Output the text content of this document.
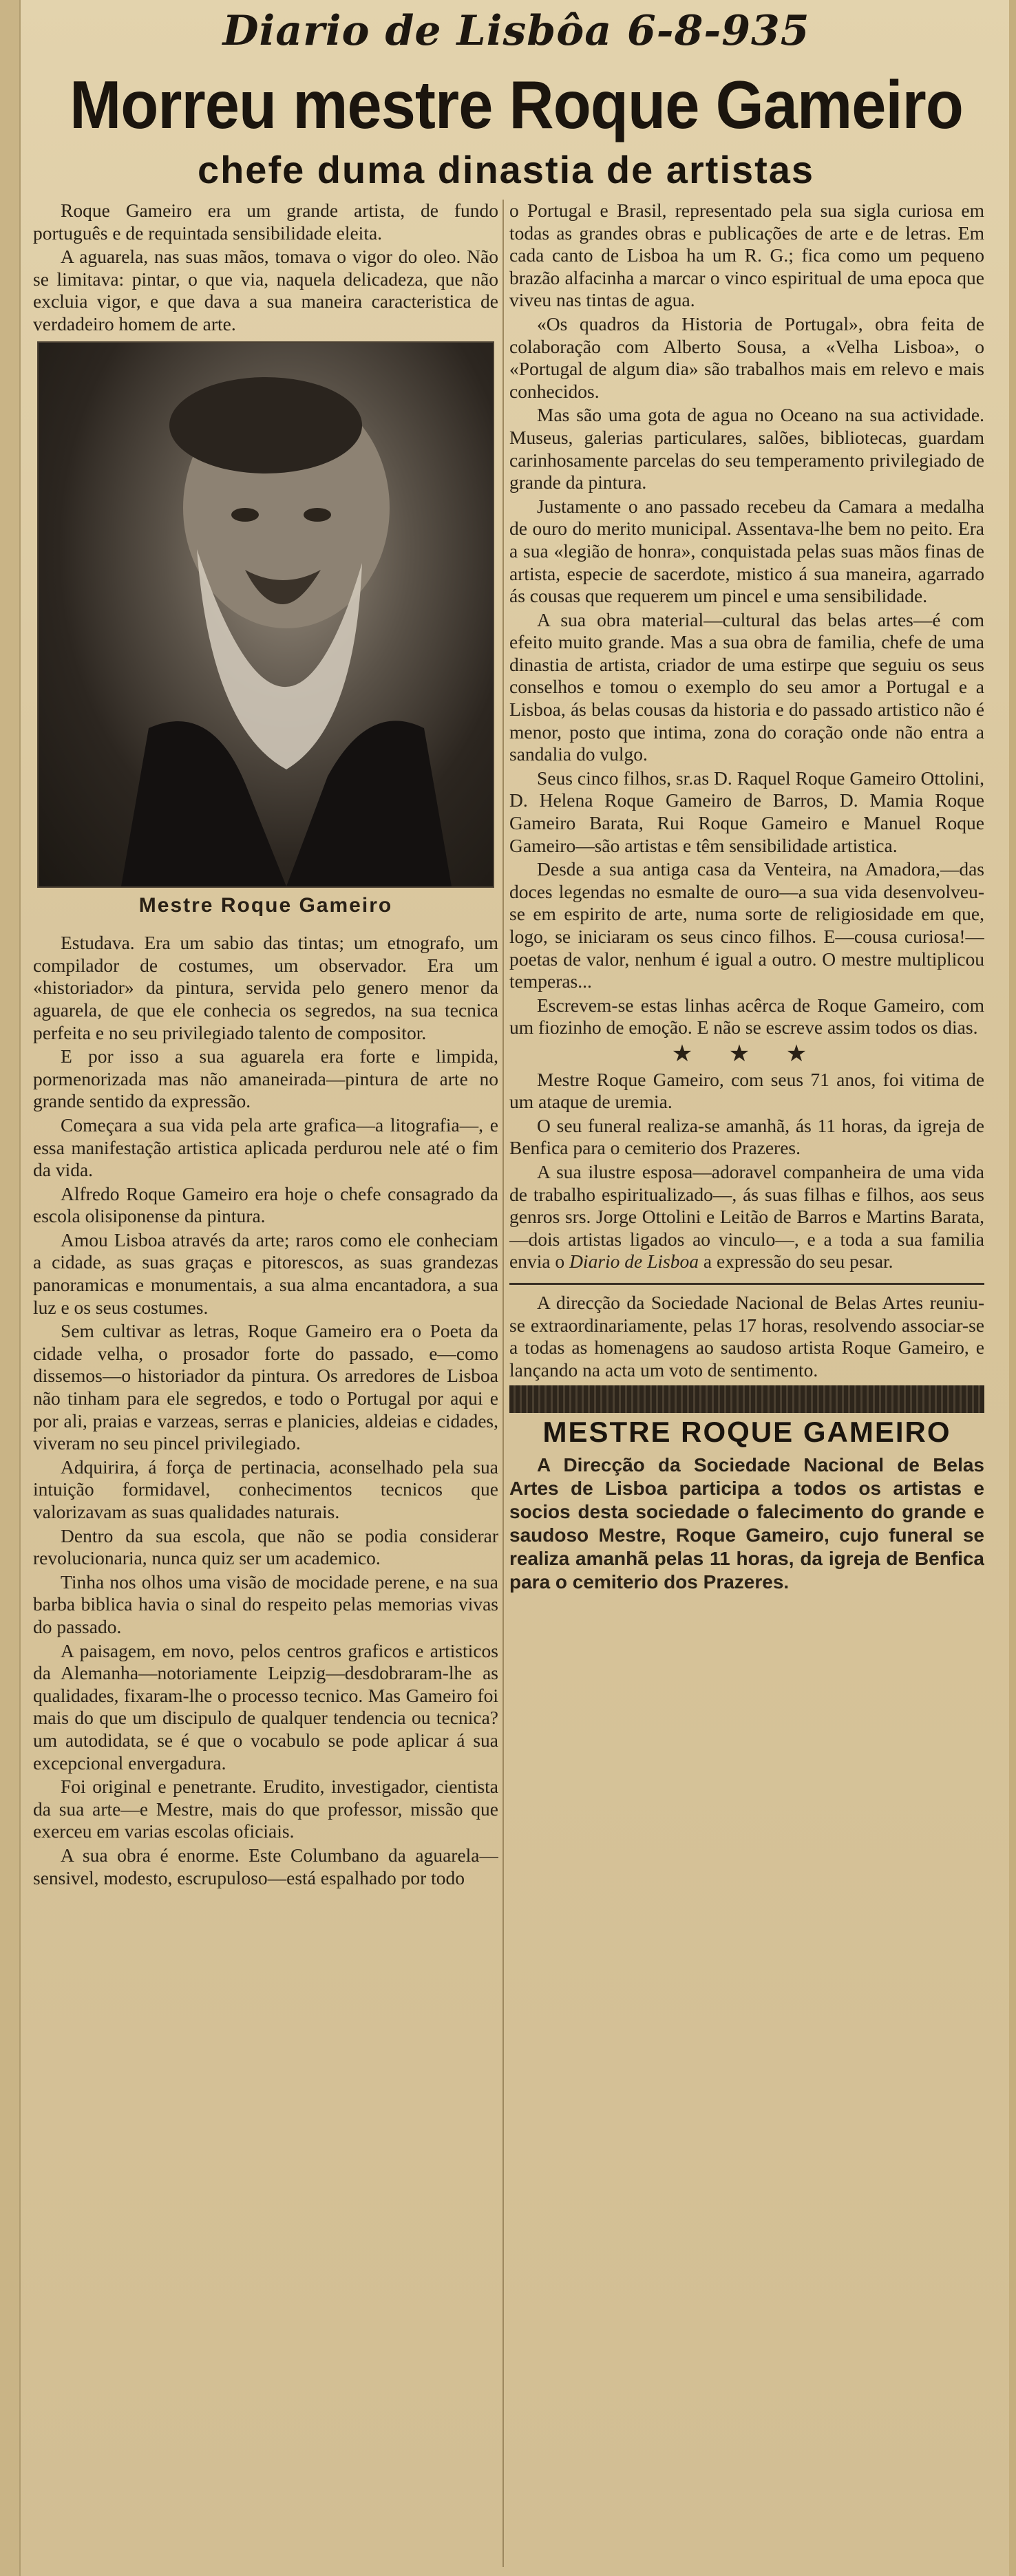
Diario de Lisbôa 6-8-935
Morreu mestre Roque Gameiro
chefe duma dinastia de artistas

Roque Gameiro era um grande artista, de fundo português e de requintada sensibilidade eleita.

A aguarela, nas suas mãos, tomava o vigor do oleo. Não se limitava: pintar, o que via, naquela delicadeza, que não excluia vigor, e que dava a sua maneira caracteristica de verdadeiro homem de arte.

Mestre Roque Gameiro

Estudava. Era um sabio das tintas; um etnografo, um compilador de costumes, um observador. Era um «historiador» da pintura, servida pelo genero menor da aguarela, de que ele conhecia os segredos, na sua tecnica perfeita e no seu privilegiado talento de compositor.

E por isso a sua aguarela era forte e limpida, pormenorizada mas não amaneirada—pintura de arte no grande sentido da expressão.

Começara a sua vida pela arte grafica—a litografia—, e essa manifestação artistica aplicada perdurou nele até o fim da vida.

Alfredo Roque Gameiro era hoje o chefe consagrado da escola olisiponense da pintura.

Amou Lisboa através da arte; raros como ele conheciam a cidade, as suas graças e pitorescos, as suas grandezas panoramicas e monumentais, a sua alma encantadora, a sua luz e os seus costumes.

Sem cultivar as letras, Roque Gameiro era o Poeta da cidade velha, o prosador forte do passado, e—como dissemos—o historiador da pintura. Os arredores de Lisboa não tinham para ele segredos, e todo o Portugal por aqui e por ali, praias e varzeas, serras e planicies, aldeias e cidades, viveram no seu pincel privilegiado.

Adquirira, á força de pertinacia, aconselhado pela sua intuição formidavel, conhecimentos tecnicos que valorizavam as suas qualidades naturais.

Dentro da sua escola, que não se podia considerar revolucionaria, nunca quiz ser um academico.

Tinha nos olhos uma visão de mocidade perene, e na sua barba biblica havia o sinal do respeito pelas memorias vivas do passado.

A paisagem, em novo, pelos centros graficos e artisticos da Alemanha—notoriamente Leipzig—desdobraram-lhe as qualidades, fixaram-lhe o processo tecnico. Mas Gameiro foi mais do que um discipulo de qualquer tendencia ou tecnica?um autodidata, se é que o vocabulo se pode aplicar á sua excepcional envergadura.

Foi original e penetrante. Erudito, investigador, cientista da sua arte—e Mestre, mais do que professor, missão que exerceu em varias escolas oficiais.

A sua obra é enorme. Este Columbano da aguarela—sensivel, modesto, escrupuloso—está espalhado por todo

o Portugal e Brasil, representado pela sua sigla curiosa em todas as grandes obras e publicações de arte e de letras. Em cada canto de Lisboa ha um R. G.; fica como um pequeno brazão alfacinha a marcar o vinco espiritual de uma epoca que viveu nas tintas de agua.

«Os quadros da Historia de Portugal», obra feita de colaboração com Alberto Sousa, a «Velha Lisboa», o «Portugal de algum dia» são trabalhos mais em relevo e mais conhecidos.

Mas são uma gota de agua no Oceano na sua actividade. Museus, galerias particulares, salões, bibliotecas, guardam carinhosamente parcelas do seu temperamento privilegiado de grande da pintura.

Justamente o ano passado recebeu da Camara a medalha de ouro do merito municipal. Assentava-lhe bem no peito. Era a sua «legião de honra», conquistada pelas suas mãos finas de artista, especie de sacerdote, mistico á sua maneira, agarrado ás cousas que requerem um pincel e uma sensibilidade.

A sua obra material—cultural das belas artes—é com efeito muito grande. Mas a sua obra de familia, chefe de uma dinastia de artista, criador de uma estirpe que seguiu os seus conselhos e tomou o exemplo do seu amor a Portugal e a Lisboa, ás belas cousas da historia e do passado artistico não é menor, posto que intima, zona do coração onde não entra a sandalia do vulgo.

Seus cinco filhos, sr.as D. Raquel Roque Gameiro Ottolini, D. Helena Roque Gameiro de Barros, D. Mamia Roque Gameiro Barata, Rui Roque Gameiro e Manuel Roque Gameiro—são artistas e têm sensibilidade artistica.

Desde a sua antiga casa da Venteira, na Amadora,—das doces legendas no esmalte de ouro—a sua vida desenvolveu-se em espirito de arte, numa sorte de religiosidade em que, logo, se iniciaram os seus cinco filhos. E—cousa curiosa!—poetas de valor, nenhum é igual a outro. O mestre multiplicou temperas...

Escrevem-se estas linhas acêrca de Roque Gameiro, com um fiozinho de emoção. E não se escreve assim todos os dias.

★ ★ ★

Mestre Roque Gameiro, com seus 71 anos, foi vitima de um ataque de uremia.

O seu funeral realiza-se amanhã, ás 11 horas, da igreja de Benfica para o cemiterio dos Prazeres.

A sua ilustre esposa—adoravel companheira de uma vida de trabalho espiritualizado—, ás suas filhas e filhos, aos seus genros srs. Jorge Ottolini e Leitão de Barros e Martins Barata,—dois artistas ligados ao vinculo—, e a toda a sua familia envia o Diario de Lisboa a expressão do seu pesar.

A direcção da Sociedade Nacional de Belas Artes reuniu-se extraordinariamente, pelas 17 horas, resolvendo associar-se a todas as homenagens ao saudoso artista Roque Gameiro, e lançando na acta um voto de sentimento.

MESTRE ROQUE GAMEIRO
A Direcção da Sociedade Nacional de Belas Artes de Lisboa participa a todos os artistas e socios desta sociedade o falecimento do grande e saudoso Mestre, Roque Gameiro, cujo funeral se realiza amanhã pelas 11 horas, da igreja de Benfica para o cemiterio dos Prazeres.
